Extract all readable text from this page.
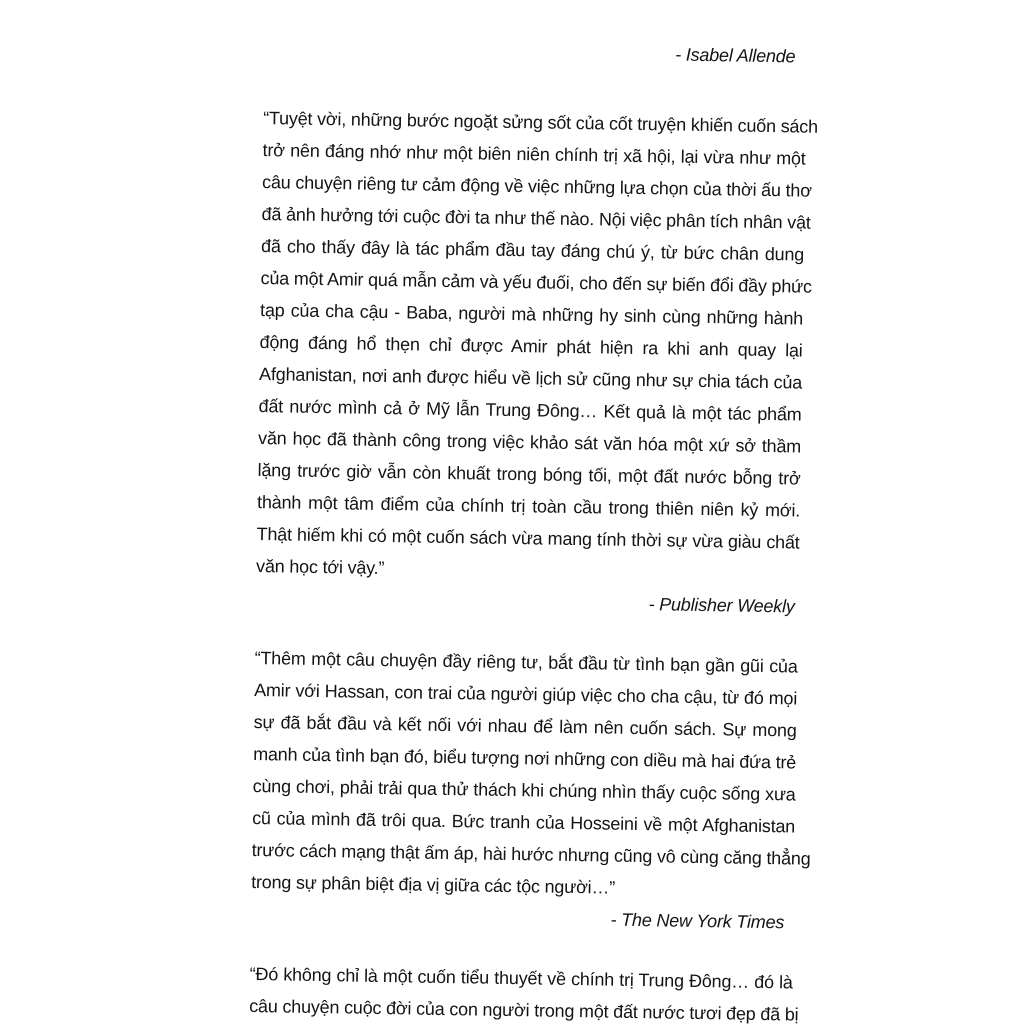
- Isabel Allende
“Tuyệt vời, những bước ngoặt sửng sốt của cốt truyện khiến cuốn sách
trở nên đáng nhớ như một biên niên chính trị xã hội, lại vừa như một
câu chuyện riêng tư cảm động về việc những lựa chọn của thời ấu thơ
đã ảnh hưởng tới cuộc đời ta như thế nào. Nội việc phân tích nhân vật
đã cho thấy đây là tác phẩm đầu tay đáng chú ý, từ bức chân dung
của một Amir quá mẫn cảm và yếu đuối, cho đến sự biến đổi đầy phức
tạp của cha cậu - Baba, người mà những hy sinh cùng những hành
động đáng hổ thẹn chỉ được Amir phát hiện ra khi anh quay lại
Afghanistan, nơi anh được hiểu về lịch sử cũng như sự chia tách của
đất nước mình cả ở Mỹ lẫn Trung Đông… Kết quả là một tác phẩm
văn học đã thành công trong việc khảo sát văn hóa một xứ sở thầm
lặng trước giờ vẫn còn khuất trong bóng tối, một đất nước bỗng trở
thành một tâm điểm của chính trị toàn cầu trong thiên niên kỷ mới.
Thật hiếm khi có một cuốn sách vừa mang tính thời sự vừa giàu chất
văn học tới vậy.”
- Publisher Weekly
“Thêm một câu chuyện đầy riêng tư, bắt đầu từ tình bạn gần gũi của
Amir với Hassan, con trai của người giúp việc cho cha cậu, từ đó mọi
sự đã bắt đầu và kết nối với nhau để làm nên cuốn sách. Sự mong
manh của tình bạn đó, biểu tượng nơi những con diều mà hai đứa trẻ
cùng chơi, phải trải qua thử thách khi chúng nhìn thấy cuộc sống xưa
cũ của mình đã trôi qua. Bức tranh của Hosseini về một Afghanistan
trước cách mạng thật ấm áp, hài hước nhưng cũng vô cùng căng thẳng
trong sự phân biệt địa vị giữa các tộc người…”
- The New York Times
“Đó không chỉ là một cuốn tiểu thuyết về chính trị Trung Đông… đó là
câu chuyện cuộc đời của con người trong một đất nước tươi đẹp đã bị
